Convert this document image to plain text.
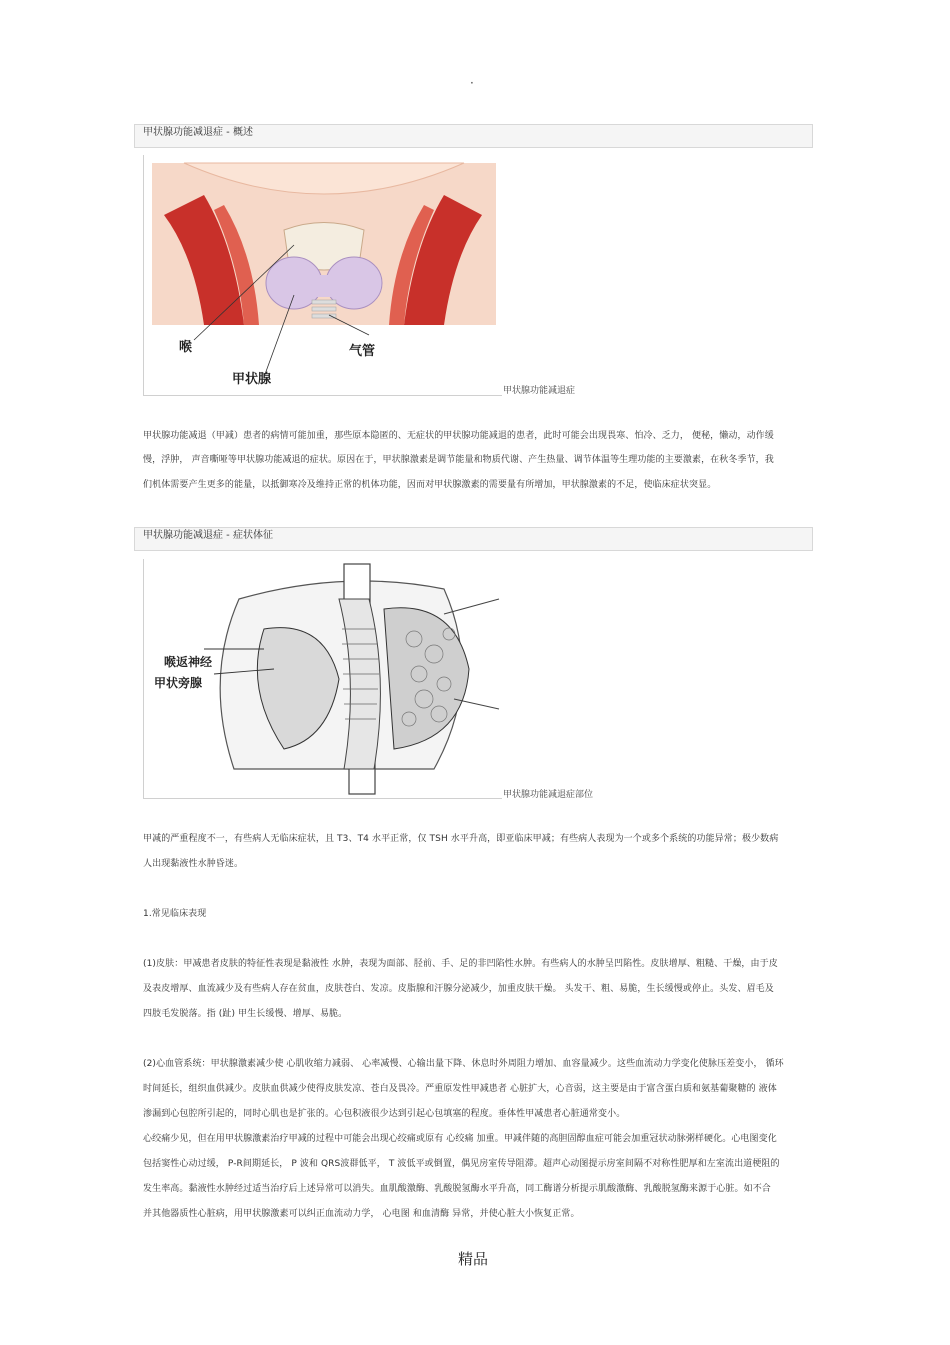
·
甲状腺功能减退症 - 概述
喉	气管
甲状腺
甲状腺功能减退症
甲状腺功能减退（甲减）患者的病情可能加重，那些原本隐匿的、无症状的甲状腺功能减退的患者，此时可能会出现畏寒、怕冷、乏力， 便秘，懒动，动作缓
慢，浮肿， 声音嘶哑等甲状腺功能减退的症状。原因在于，甲状腺激素是调节能量和物质代谢、产生热量、调节体温等生理功能的主要激素，在秋冬季节，我
们机体需要产生更多的能量，以抵御寒冷及维持正常的机体功能，因而对甲状腺激素的需要量有所增加，甲状腺激素的不足，使临床症状突显。
甲状腺功能减退症 - 症状体征
喉返神经
甲状旁腺
甲状腺功能减退症部位
甲减的严重程度不一，有些病人无临床症状，且 T3、T4 水平正常，仅 TSH 水平升高，即亚临床甲减；有些病人表现为一个或多个系统的功能异常；极少数病
人出现黏液性水肿昏迷。
1.常见临床表现
(1)皮肤：甲减患者皮肤的特征性表现是黏液性 水肿，表现为面部、胫前、手、足的非凹陷性水肿。有些病人的水肿呈凹陷性。皮肤增厚、粗糙、干燥，由于皮
及表皮增厚、血流减少及有些病人存在贫血，皮肤苍白、发凉。皮脂腺和汗腺分泌减少，加重皮肤干燥。 头发干、粗、易脆，生长缓慢或停止。头发、眉毛及
四肢毛发脱落。指 (趾) 甲生长缓慢、增厚、易脆。
(2)心血管系统：甲状腺激素减少使 心肌收缩力减弱、 心率减慢、心输出量下降、休息时外周阻力增加、血容量减少。这些血流动力学变化使脉压差变小， 循环
时间延长，组织血供减少。皮肤血供减少使得皮肤发凉、苍白及畏冷。严重原发性甲减患者 心脏扩大，心音弱，这主要是由于富含蛋白质和氨基葡聚糖的 液体
渗漏到心包腔所引起的，同时心肌也是扩张的。心包积液很少达到引起心包填塞的程度。垂体性甲减患者心脏通常变小。
心绞痛少见，但在用甲状腺激素治疗甲减的过程中可能会出现心绞痛或原有 心绞痛 加重。甲减伴随的高胆固醇血症可能会加重冠状动脉粥样硬化。心电图变化
包括窦性心动过缓， P-R间期延长， P 波和 QRS波群低平， T 波低平或倒置，偶见房室传导阻滞。超声心动图提示房室间隔不对称性肥厚和左室流出道梗阻的
发生率高。黏液性水肿经过适当治疗后上述异常可以消失。血肌酸激酶、乳酸脱氢酶水平升高，同工酶谱分析提示肌酸激酶、乳酸脱氢酶来源于心脏。如不合
并其他器质性心脏病，用甲状腺激素可以纠正血流动力学， 心电图 和血清酶 异常，并使心脏大小恢复正常。
精品
